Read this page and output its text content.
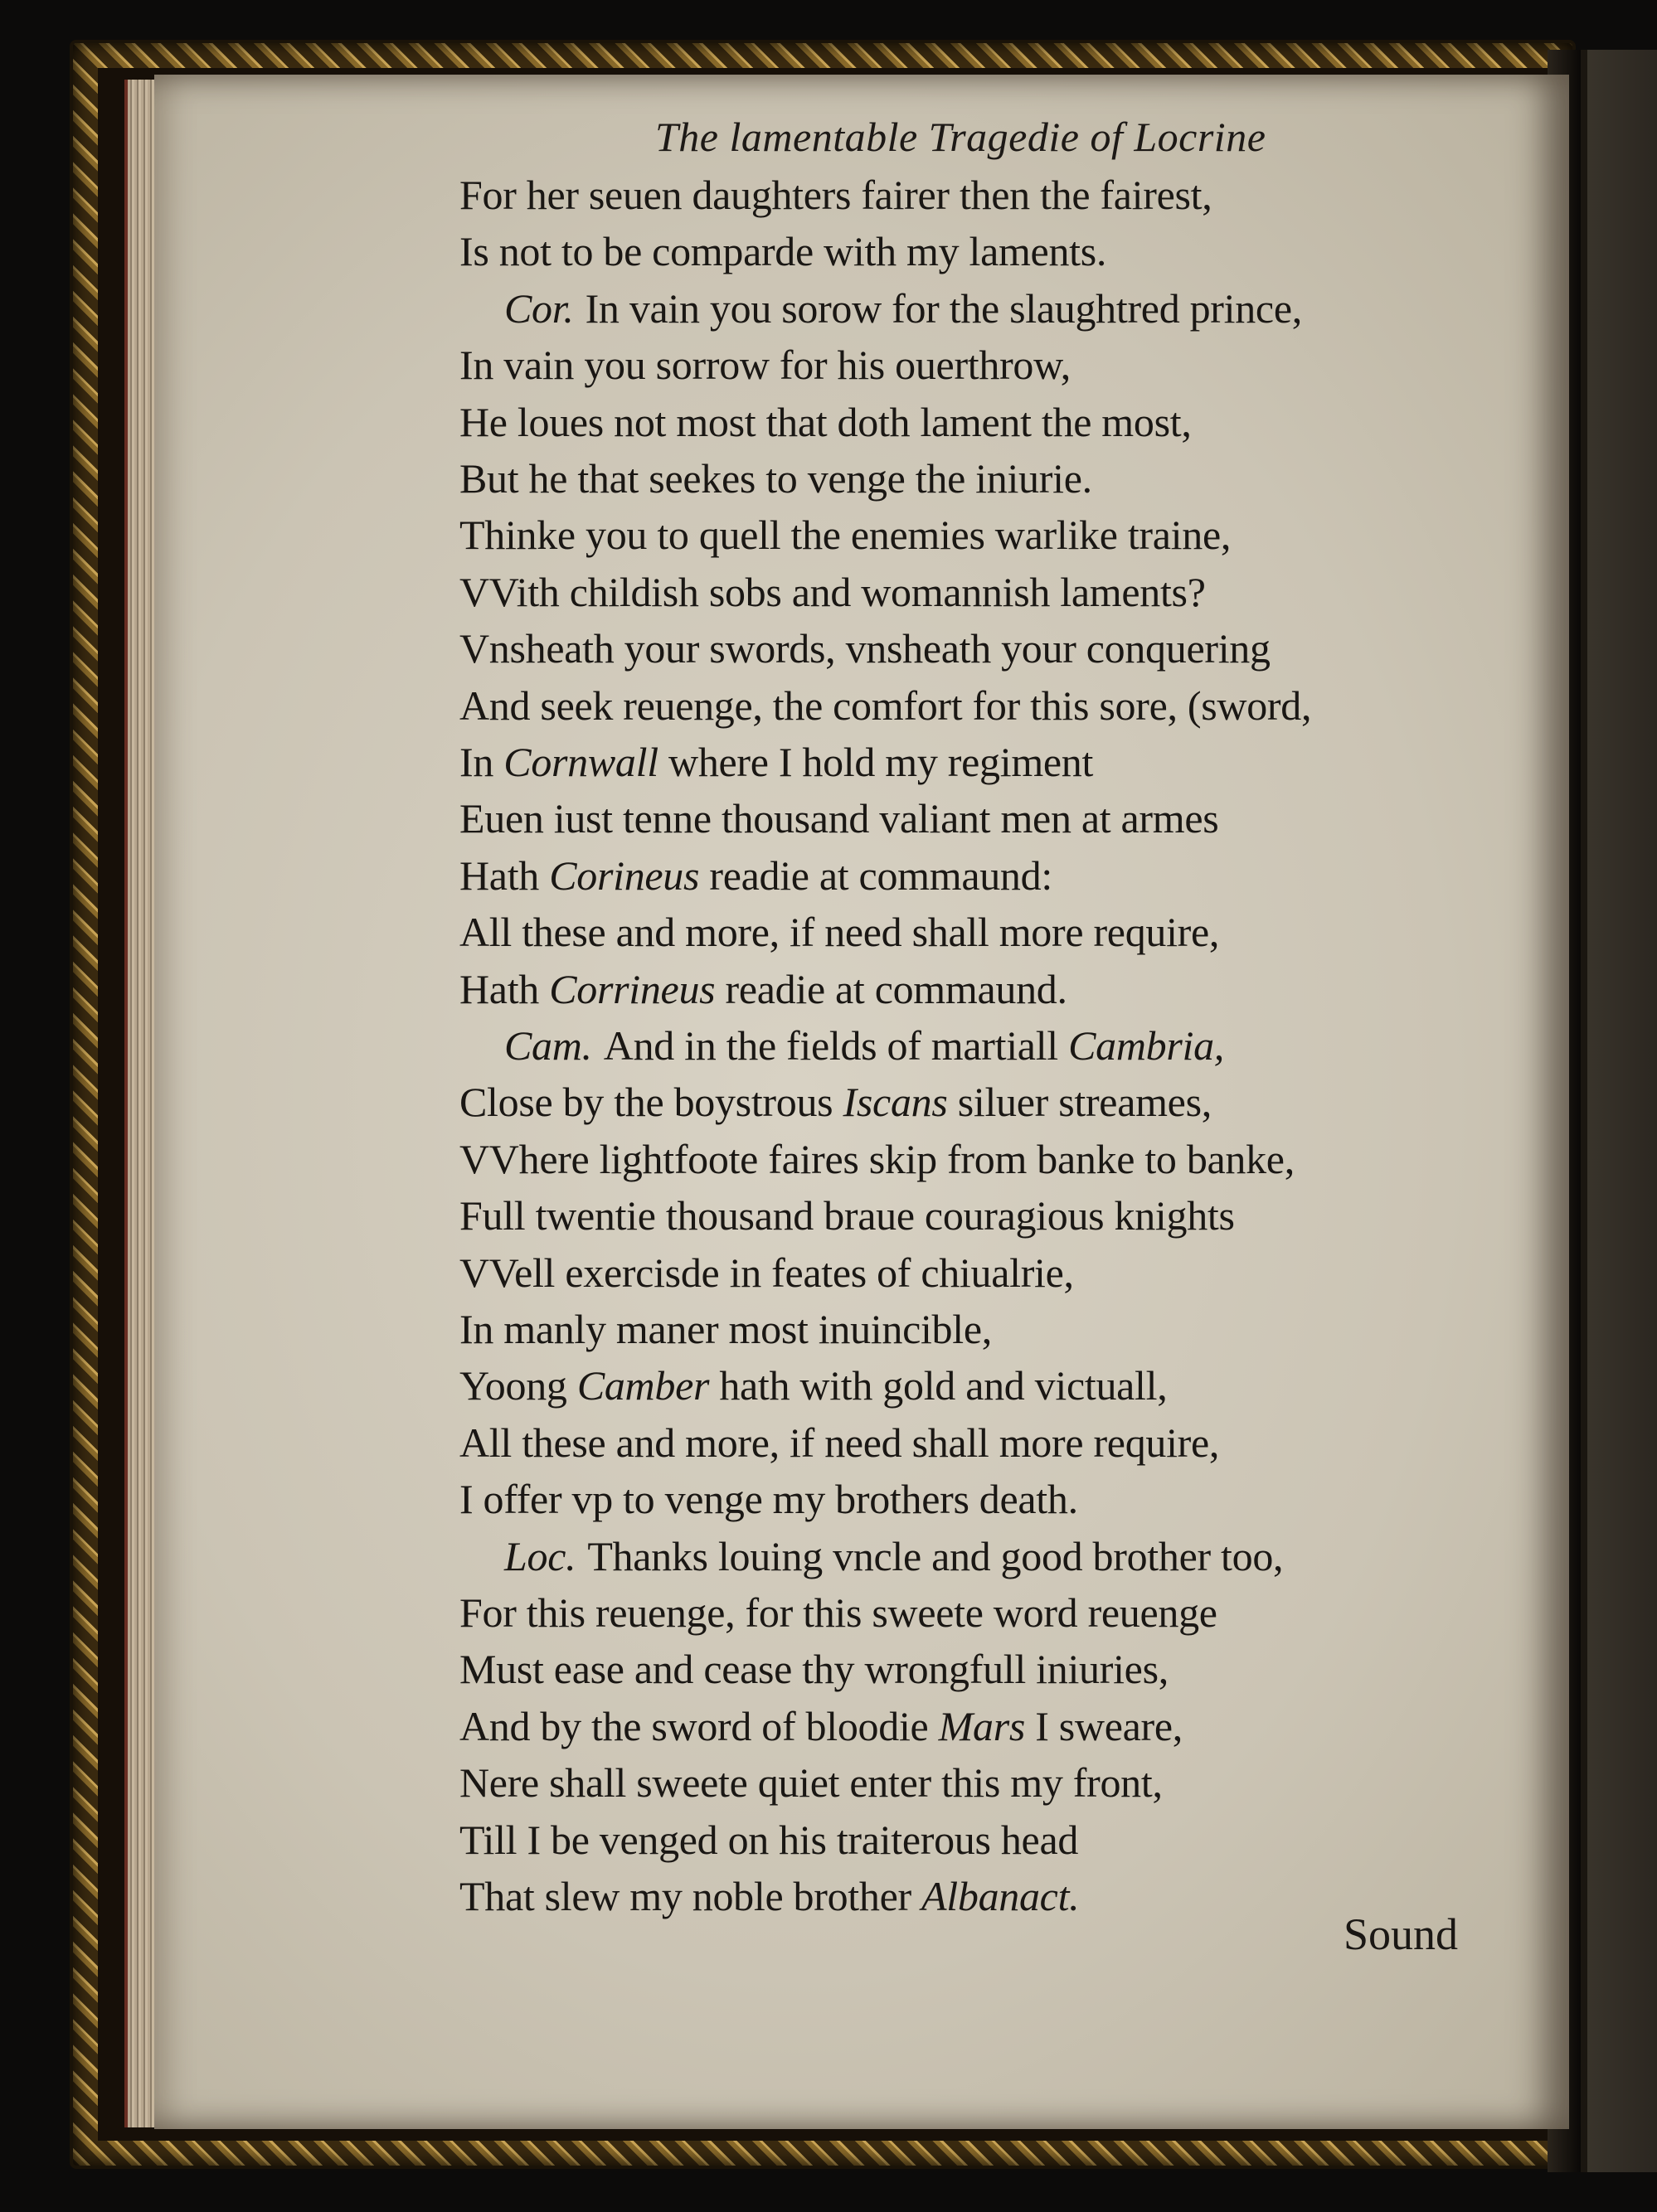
The lamentable Tragedie of Locrine
For her seuen daughters fairer then the fairest,
Is not to be comparde with my laments.
Cor. In vain you sorow for the slaughtred prince,
In vain you sorrow for his ouerthrow,
He loues not most that doth lament the most,
But he that seekes to venge the iniurie.
Thinke you to quell the enemies warlike traine,
VVith childish sobs and womannish laments?
Vnsheath your swords, vnsheath your conquering
And seek reuenge, the comfort for this sore, (sword,
In Cornwall where I hold my regiment
Euen iust tenne thousand valiant men at armes
Hath Corineus readie at commaund:
All these and more, if need shall more require,
Hath Corrineus readie at commaund.
Cam. And in the fields of martiall Cambria,
Close by the boystrous Iscans siluer streames,
VVhere lightfoote faires skip from banke to banke,
Full twentie thousand braue couragious knights
VVell exercisde in feates of chiualrie,
In manly maner most inuincible,
Yoong Camber hath with gold and victuall,
All these and more, if need shall more require,
I offer vp to venge my brothers death.
Loc. Thanks louing vncle and good brother too,
For this reuenge, for this sweete word reuenge
Must ease and cease thy wrongfull iniuries,
And by the sword of bloodie Mars I sweare,
Nere shall sweete quiet enter this my front,
Till I be venged on his traiterous head
That slew my noble brother Albanact.
Sound
